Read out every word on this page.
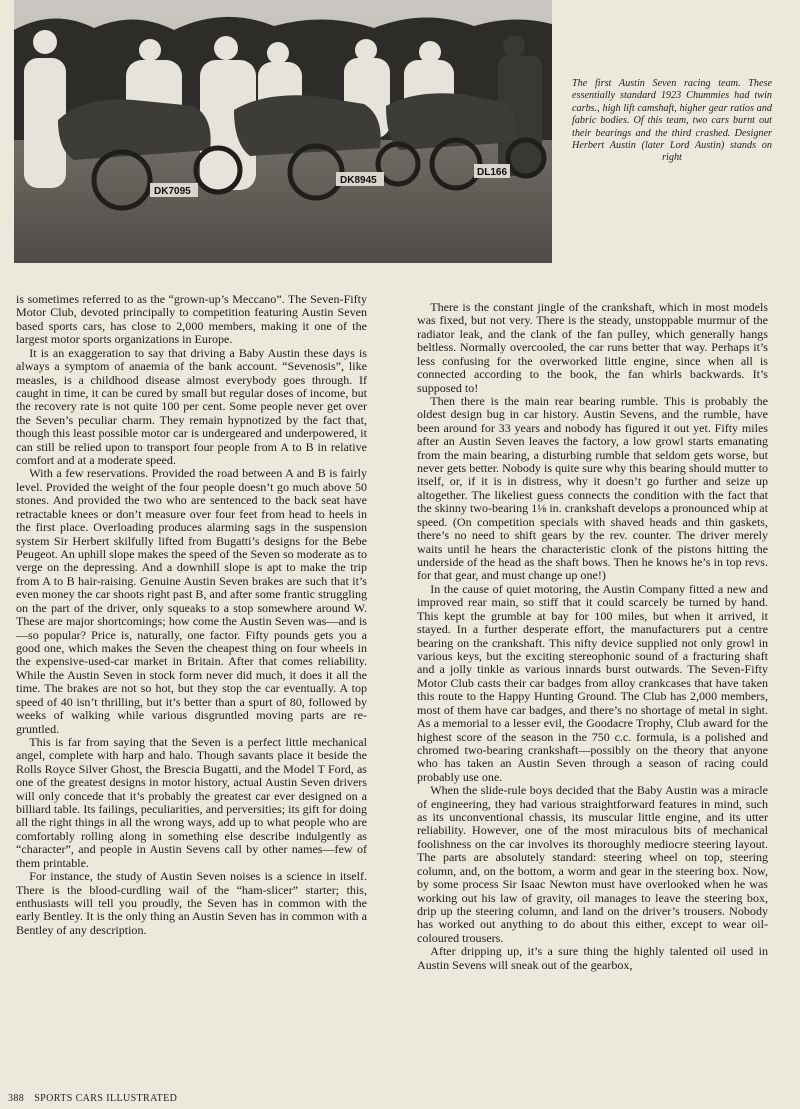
DK7095
DK8945
DL166

The first Austin Seven racing team. These essentially standard 1923 Chummies had twin carbs., high lift camshaft, higher gear ratios and fabric bodies. Of this team, two cars burnt out their bearings and the third crashed. Designer Herbert Austin (later Lord Austin) stands on right

is sometimes referred to as the “grown-up’s Meccano”. The Seven-Fifty Motor Club, devoted principally to competition featuring Austin Seven based sports cars, has close to 2,000 members, making it one of the largest motor sports organizations in Europe.

It is an exaggeration to say that driving a Baby Austin these days is always a symptom of anaemia of the bank account. “Sevenosis”, like measles, is a childhood disease almost everybody goes through. If caught in time, it can be cured by small but regular doses of income, but the recovery rate is not quite 100 per cent. Some people never get over the Seven’s peculiar charm. They remain hypnotized by the fact that, though this least possible motor car is undergeared and underpowered, it can still be relied upon to transport four people from A to B in relative comfort and at a moderate speed.

With a few reservations. Provided the road between A and B is fairly level. Provided the weight of the four people doesn’t go much above 50 stones. And provided the two who are sentenced to the back seat have retractable knees or don’t measure over four feet from head to heels in the first place. Overloading produces alarming sags in the suspension system Sir Herbert skilfully lifted from Bugatti’s designs for the Bebe Peugeot. An uphill slope makes the speed of the Seven so moderate as to verge on the depressing. And a downhill slope is apt to make the trip from A to B hair-raising. Genuine Austin Seven brakes are such that it’s even money the car shoots right past B, and after some frantic struggling on the part of the driver, only squeaks to a stop somewhere around W. These are major shortcomings; how come the Austin Seven was—and is—so popular? Price is, naturally, one factor. Fifty pounds gets you a good one, which makes the Seven the cheapest thing on four wheels in the expensive-used-car market in Britain. After that comes reliability. While the Austin Seven in stock form never did much, it does it all the time. The brakes are not so hot, but they stop the car eventually. A top speed of 40 isn’t thrilling, but it’s better than a spurt of 80, followed by weeks of walking while various disgruntled moving parts are re-gruntled.

This is far from saying that the Seven is a perfect little mechanical angel, complete with harp and halo. Though savants place it beside the Rolls Royce Silver Ghost, the Brescia Bugatti, and the Model T Ford, as one of the greatest designs in motor history, actual Austin Seven drivers will only concede that it’s probably the greatest car ever designed on a billiard table. Its failings, peculiarities, and perversities; its gift for doing all the right things in all the wrong ways, add up to what people who are comfortably rolling along in something else describe indulgently as “character”, and people in Austin Sevens call by other names—few of them printable.

For instance, the study of Austin Seven noises is a science in itself. There is the blood-curdling wail of the “ham-slicer” starter; this, enthusiasts will tell you proudly, the Seven has in common with the early Bentley. It is the only thing an Austin Seven has in common with a Bentley of any description.

There is the constant jingle of the crankshaft, which in most models was fixed, but not very. There is the steady, unstoppable murmur of the radiator leak, and the clank of the fan pulley, which generally hangs beltless. Normally overcooled, the car runs better that way. Perhaps it’s less confusing for the overworked little engine, since when all is connected according to the book, the fan whirls backwards. It’s supposed to!

Then there is the main rear bearing rumble. This is probably the oldest design bug in car history. Austin Sevens, and the rumble, have been around for 33 years and nobody has figured it out yet. Fifty miles after an Austin Seven leaves the factory, a low growl starts emanating from the main bearing, a disturbing rumble that seldom gets worse, but never gets better. Nobody is quite sure why this bearing should mutter to itself, or, if it is in distress, why it doesn’t go further and seize up altogether. The likeliest guess connects the condition with the fact that the skinny two-bearing 1⅛ in. crankshaft develops a pronounced whip at speed. (On competition specials with shaved heads and thin gaskets, there’s no need to shift gears by the rev. counter. The driver merely waits until he hears the characteristic clonk of the pistons hitting the underside of the head as the shaft bows. Then he knows he’s in top revs. for that gear, and must change up one!)

In the cause of quiet motoring, the Austin Company fitted a new and improved rear main, so stiff that it could scarcely be turned by hand. This kept the grumble at bay for 100 miles, but when it arrived, it stayed. In a further desperate effort, the manufacturers put a centre bearing on the crankshaft. This nifty device supplied not only growl in various keys, but the exciting stereophonic sound of a fracturing shaft and a jolly tinkle as various innards burst outwards. The Seven-Fifty Motor Club casts their car badges from alloy crankcases that have taken this route to the Happy Hunting Ground. The Club has 2,000 members, most of them have car badges, and there’s no shortage of metal in sight. As a memorial to a lesser evil, the Goodacre Trophy, Club award for the highest score of the season in the 750 c.c. formula, is a polished and chromed two-bearing crankshaft—possibly on the theory that anyone who has taken an Austin Seven through a season of racing could probably use one.

When the slide-rule boys decided that the Baby Austin was a miracle of engineering, they had various straightforward features in mind, such as its unconventional chassis, its muscular little engine, and its utter reliability. However, one of the most miraculous bits of mechanical foolishness on the car involves its thoroughly mediocre steering layout. The parts are absolutely standard: steering wheel on top, steering column, and, on the bottom, a worm and gear in the steering box. Now, by some process Sir Isaac Newton must have overlooked when he was working out his law of gravity, oil manages to leave the steering box, drip up the steering column, and land on the driver’s trousers. Nobody has worked out anything to do about this either, except to wear oil-coloured trousers.

After dripping up, it’s a sure thing the highly talented oil used in Austin Sevens will sneak out of the gearbox,

388 SPORTS CARS ILLUSTRATED
